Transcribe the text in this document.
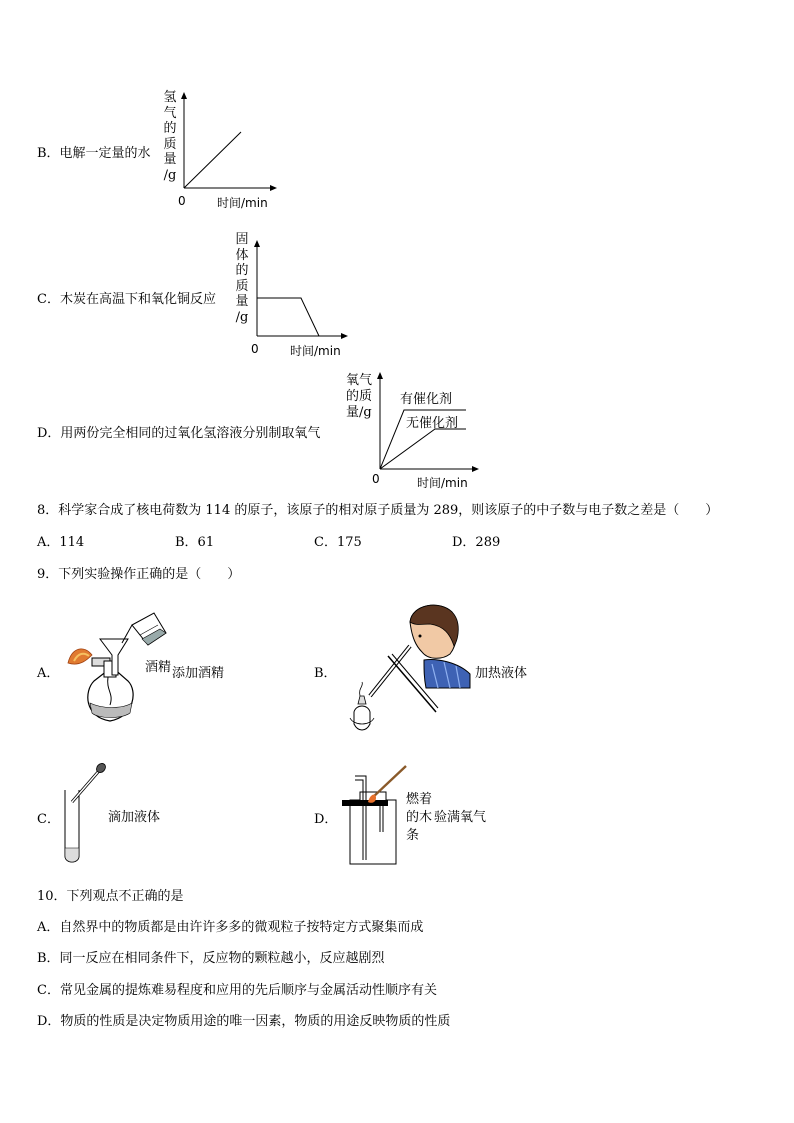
B．电解一定量的水
氢
气
的
质
量
/g
0	时间/min
C．木炭在高温下和氧化铜反应
固
体
的
质
量
/g
0	时间/min
D．用两份完全相同的过氧化氢溶液分别制取氧气
氧气
的质
量/g
有催化剂
无催化剂
0	时间/min
8．科学家合成了核电荷数为 114 的原子，该原子的相对原子质量为 289，则该原子的中子数与电子数之差是（　　）
A．114	B．61	C．175	D．289
9．下列实验操作正确的是（　　）
A．	酒精 添加酒精	B．	加热液体
C．	滴加液体	D．
燃着
的木
条
验满氧气
10．下列观点不正确的是
A．自然界中的物质都是由许许多多的微观粒子按特定方式聚集而成
B．同一反应在相同条件下，反应物的颗粒越小，反应越剧烈
C．常见金属的提炼难易程度和应用的先后顺序与金属活动性顺序有关
D．物质的性质是决定物质用途的唯一因素，物质的用途反映物质的性质
